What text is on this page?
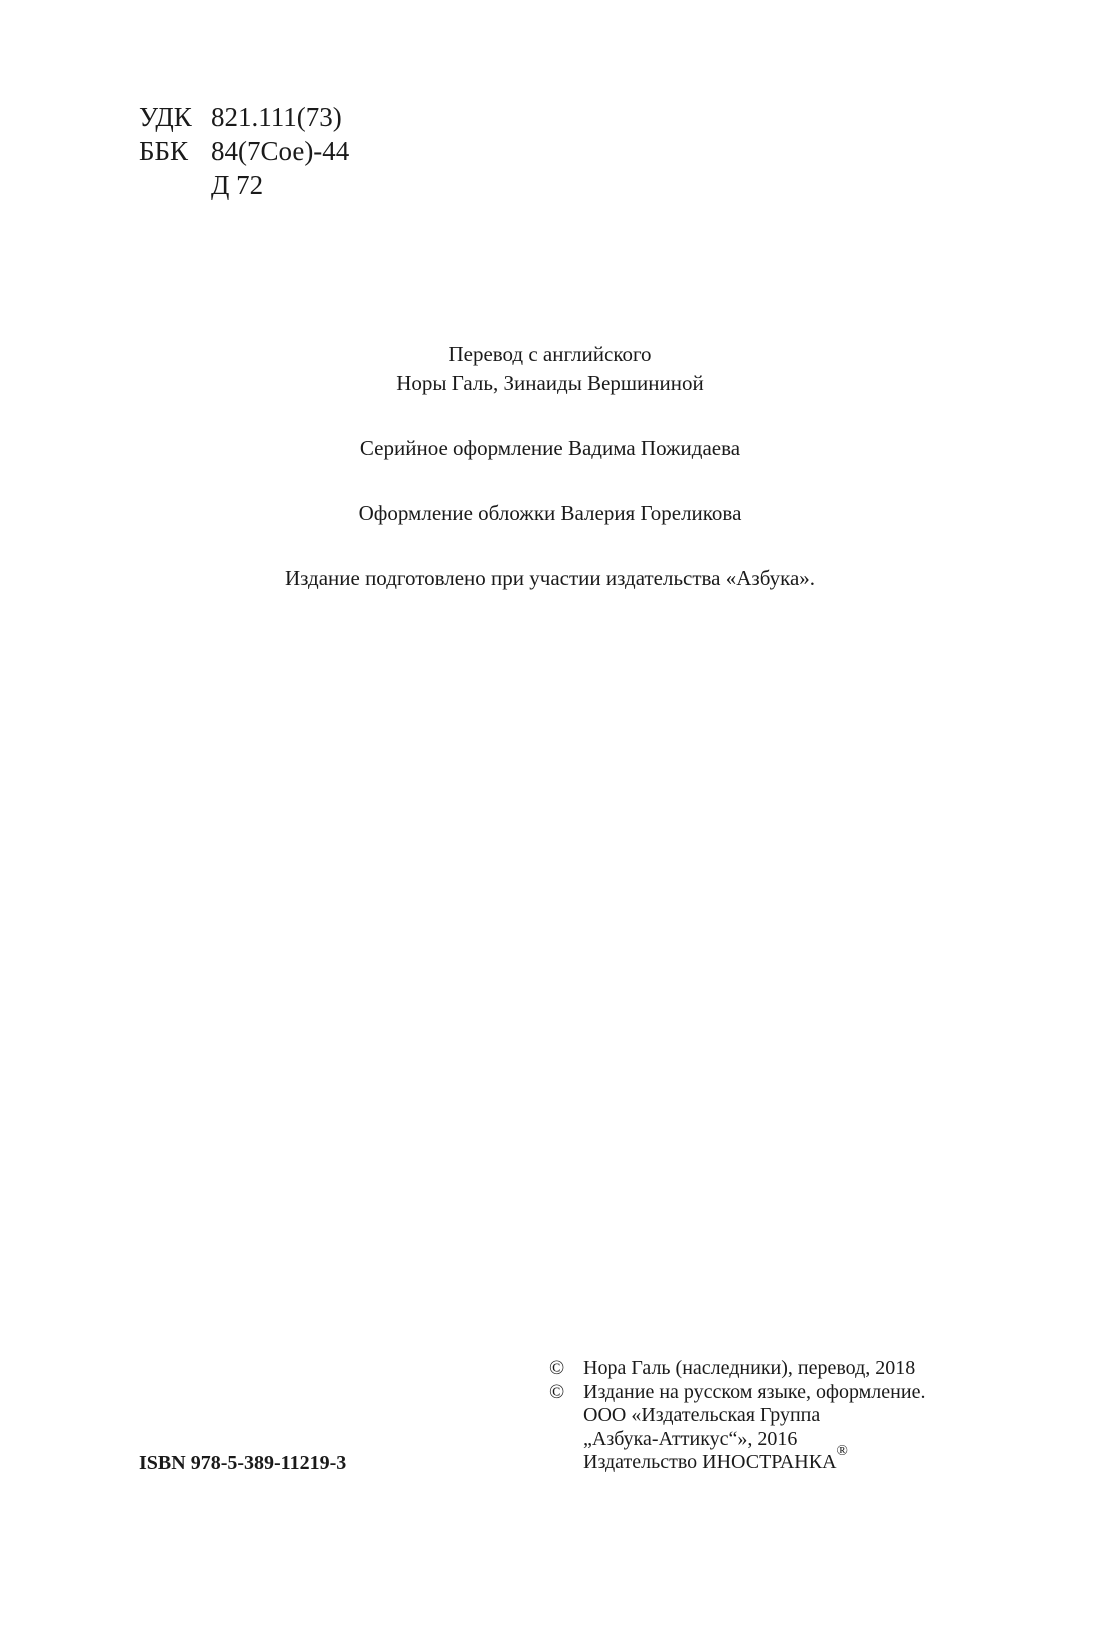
УДК 821.111(73)
ББК 84(7Сое)-44
Д 72

Перевод с английского

Норы Галь, Зинаиды Вершининой

Серийное оформление Вадима Пожидаева

Оформление обложки Валерия Гореликова

Издание подготовлено при участии издательства «Азбука».

© Нора Галь (наследники), перевод, 2018
© Издание на русском языке, оформление.
ООО «Издательская Группа
„Азбука-Аттикус“», 2016
Издательство ИНОСТРАНКА ®
ISBN 978-5-389-11219-3
